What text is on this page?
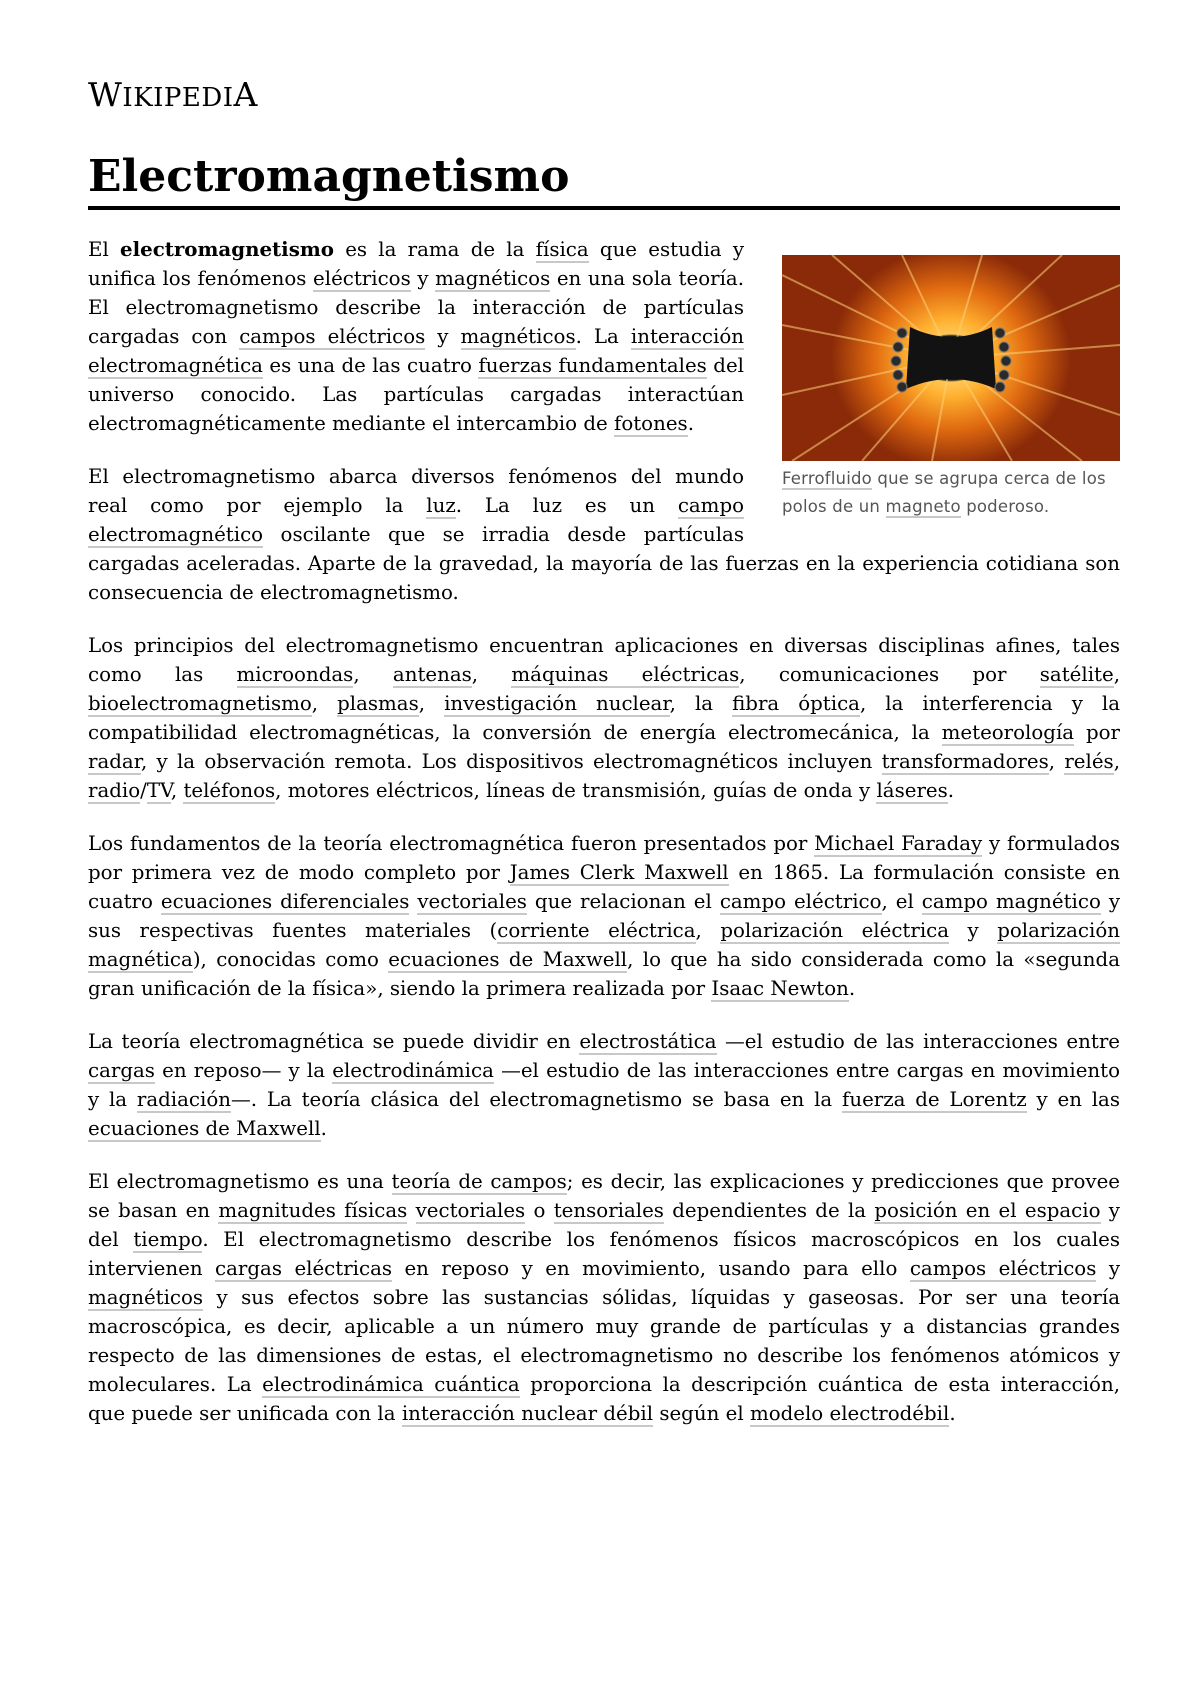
WIKIPEDIA
Electromagnetismo
Ferrofluido que se agrupa cerca de los polos de un magneto poderoso.

El electromagnetismo es la rama de la física que estudia y unifica los fenómenos eléctricos y magnéticos en una sola teoría. El electromagnetismo describe la interacción de partículas cargadas con campos eléctricos y magnéticos. La interacción electromagnética es una de las cuatro fuerzas fundamentales del universo conocido. Las partículas cargadas interactúan electromagnéticamente mediante el intercambio de fotones.

El electromagnetismo abarca diversos fenómenos del mundo real como por ejemplo la luz. La luz es un campo electromagnético oscilante que se irradia desde partículas cargadas aceleradas. Aparte de la gravedad, la mayoría de las fuerzas en la experiencia cotidiana son consecuencia de electromagnetismo.

Los principios del electromagnetismo encuentran aplicaciones en diversas disciplinas afines, tales como las microondas, antenas, máquinas eléctricas, comunicaciones por satélite, bioelectromagnetismo, plasmas, investigación nuclear, la fibra óptica, la interferencia y la compatibilidad electromagnéticas, la conversión de energía electromecánica, la meteorología por radar, y la observación remota. Los dispositivos electromagnéticos incluyen transformadores, relés, radio/TV, teléfonos, motores eléctricos, líneas de transmisión, guías de onda y láseres.

Los fundamentos de la teoría electromagnética fueron presentados por Michael Faraday y formulados por primera vez de modo completo por James Clerk Maxwell en 1865. La formulación consiste en cuatro ecuaciones diferenciales vectoriales que relacionan el campo eléctrico, el campo magnético y sus respectivas fuentes materiales (corriente eléctrica, polarización eléctrica y polarización magnética), conocidas como ecuaciones de Maxwell, lo que ha sido considerada como la «segunda gran unificación de la física», siendo la primera realizada por Isaac Newton.

La teoría electromagnética se puede dividir en electrostática —el estudio de las interacciones entre cargas en reposo— y la electrodinámica —el estudio de las interacciones entre cargas en movimiento y la radiación—. La teoría clásica del electromagnetismo se basa en la fuerza de Lorentz y en las ecuaciones de Maxwell.

El electromagnetismo es una teoría de campos; es decir, las explicaciones y predicciones que provee se basan en magnitudes físicas vectoriales o tensoriales dependientes de la posición en el espacio y del tiempo. El electromagnetismo describe los fenómenos físicos macroscópicos en los cuales intervienen cargas eléctricas en reposo y en movimiento, usando para ello campos eléctricos y magnéticos y sus efectos sobre las sustancias sólidas, líquidas y gaseosas. Por ser una teoría macroscópica, es decir, aplicable a un número muy grande de partículas y a distancias grandes respecto de las dimensiones de estas, el electromagnetismo no describe los fenómenos atómicos y moleculares. La electrodinámica cuántica proporciona la descripción cuántica de esta interacción, que puede ser unificada con la interacción nuclear débil según el modelo electrodébil.
